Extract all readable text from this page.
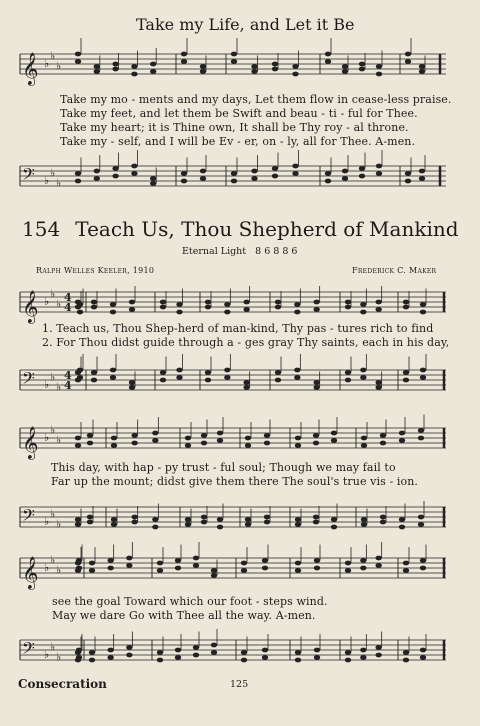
Take my Life, and Let it Be
𝄞 ♭
♭
♭
Take my mo - ments and my days, Let them flow in cease-less praise.
Take my feet, and let them be Swift and beau - ti - ful for Thee.
Take my heart; it is Thine own, It shall be Thy roy - al throne.
Take my - self, and I will be Ev - er, on - ly, all for Thee. A-men.
𝄢 ♭
♭
♭
154 Teach Us, Thou Shepherd of Mankind
Eternal Light 8 6 8 8 6
Ralph Welles Keeler, 1910	Frederick C. Maker
𝄞 ♭
♭
♭ 4
4
1. Teach us, Thou Shep-herd of man-kind, Thy pas - tures rich to find
2. For Thou didst guide through a - ges gray Thy saints, each in his day,
𝄢 ♭
♭
♭
4
4
𝄞 ♭
♭
♭
This day, with hap - py trust - ful soul; Though we may fail to
Far up the mount; didst give them there The soul's true vis - ion.
𝄢 ♭
♭
♭
𝄞 ♭
♭
♭
see the goal Toward which our foot - steps wind.
May we dare Go with Thee all the way. A-men.
𝄢 ♭
♭
♭
Consecration	125
